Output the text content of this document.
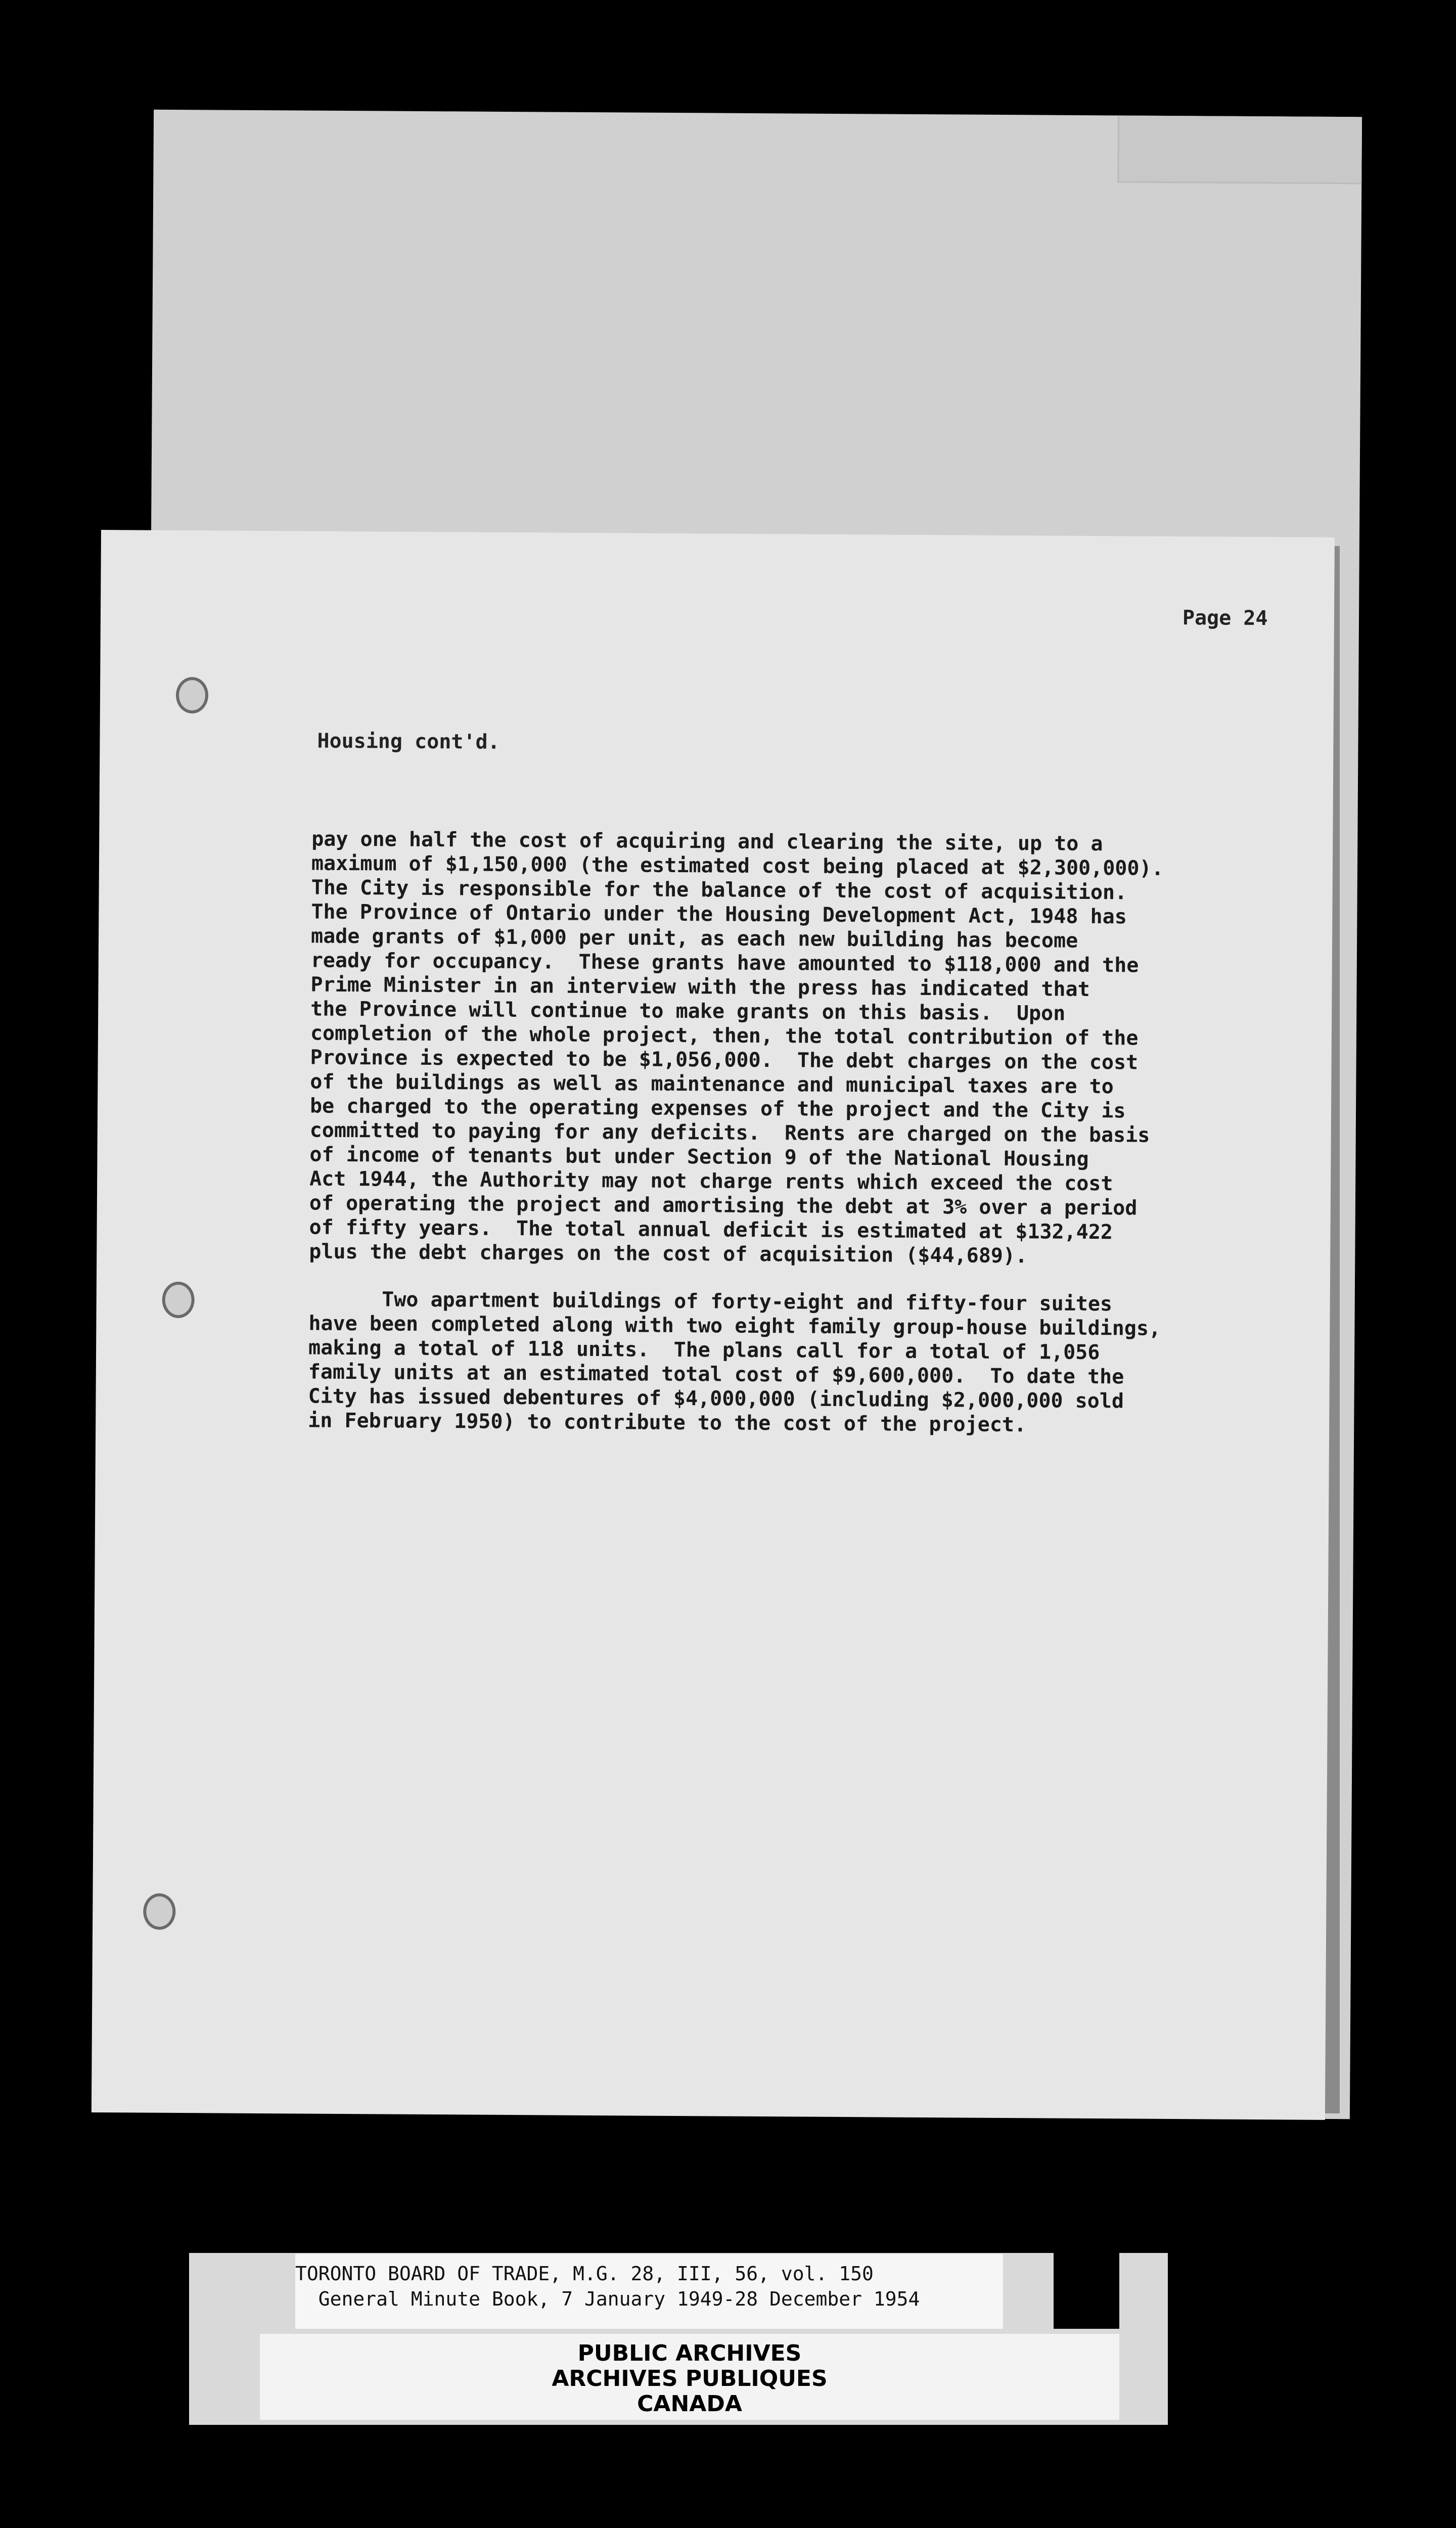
Page 24
Housing cont'd.
pay one half the cost of acquiring and clearing the site, up to a
maximum of $1,150,000 (the estimated cost being placed at $2,300,000).
The City is responsible for the balance of the cost of acquisition.
The Province of Ontario under the Housing Development Act, 1948 has
made grants of $1,000 per unit, as each new building has become
ready for occupancy.  These grants have amounted to $118,000 and the
Prime Minister in an interview with the press has indicated that
the Province will continue to make grants on this basis.  Upon
completion of the whole project, then, the total contribution of the
Province is expected to be $1,056,000.  The debt charges on the cost
of the buildings as well as maintenance and municipal taxes are to
be charged to the operating expenses of the project and the City is
committed to paying for any deficits.  Rents are charged on the basis
of income of tenants but under Section 9 of the National Housing
Act 1944, the Authority may not charge rents which exceed the cost
of operating the project and amortising the debt at 3% over a period
of fifty years.  The total annual deficit is estimated at $132,422
plus the debt charges on the cost of acquisition ($44,689).
Two apartment buildings of forty-eight and fifty-four suites
have been completed along with two eight family group-house buildings,
making a total of 118 units.  The plans call for a total of 1,056
family units at an estimated total cost of $9,600,000.  To date the
City has issued debentures of $4,000,000 (including $2,000,000 sold
in February 1950) to contribute to the cost of the project.
TORONTO BOARD OF TRADE, M.G. 28, III, 56, vol. 150
General Minute Book, 7 January 1949-28 December 1954
PUBLIC ARCHIVES
ARCHIVES PUBLIQUES
CANADA
